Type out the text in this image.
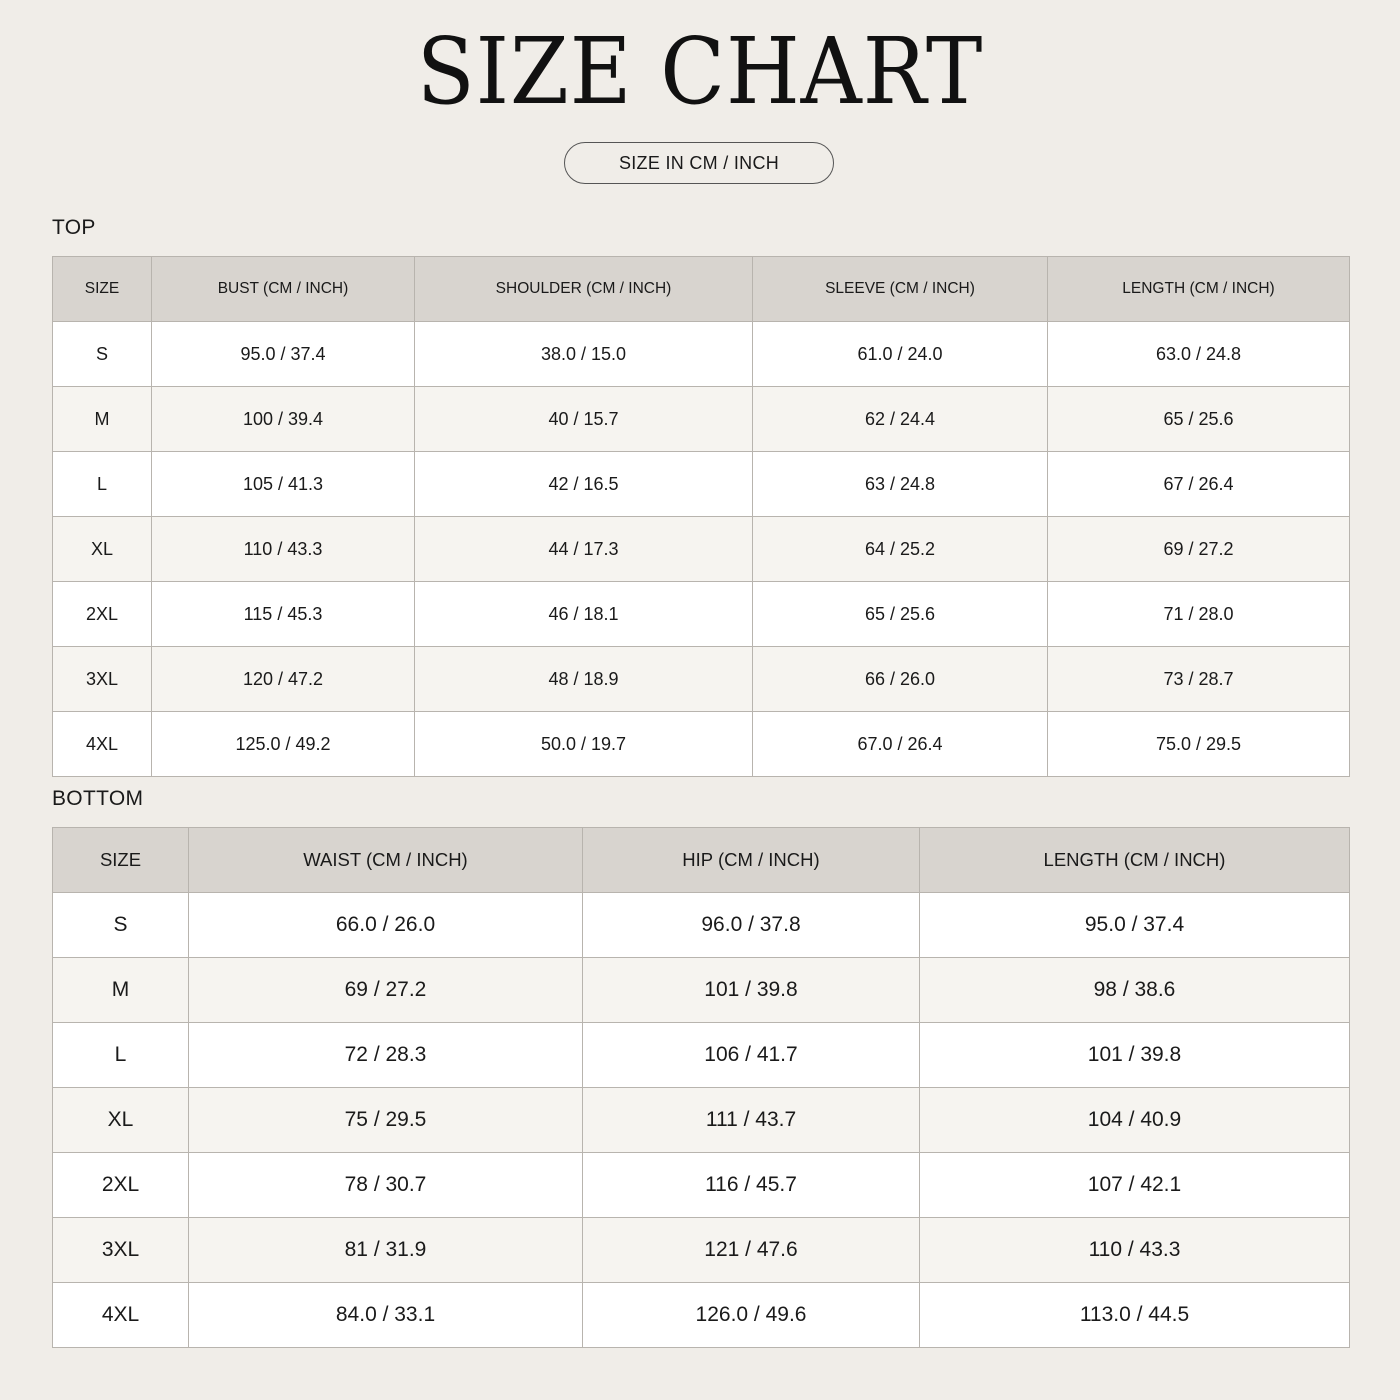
SIZE CHART
SIZE IN CM / INCH
TOP
SIZE	BUST (CM / INCH)	SHOULDER (CM / INCH)	SLEEVE (CM / INCH)	LENGTH (CM / INCH)
S	95.0 / 37.4	38.0 / 15.0	61.0 / 24.0	63.0 / 24.8
M	100 / 39.4	40 / 15.7	62 / 24.4	65 / 25.6
L	105 / 41.3	42 / 16.5	63 / 24.8	67 / 26.4
XL	110 / 43.3	44 / 17.3	64 / 25.2	69 / 27.2
2XL	115 / 45.3	46 / 18.1	65 / 25.6	71 / 28.0
3XL	120 / 47.2	48 / 18.9	66 / 26.0	73 / 28.7
4XL	125.0 / 49.2	50.0 / 19.7	67.0 / 26.4	75.0 / 29.5
BOTTOM
SIZE	WAIST (CM / INCH)	HIP (CM / INCH)	LENGTH (CM / INCH)
S	66.0 / 26.0	96.0 / 37.8	95.0 / 37.4
M	69 / 27.2	101 / 39.8	98 / 38.6
L	72 / 28.3	106 / 41.7	101 / 39.8
XL	75 / 29.5	111 / 43.7	104 / 40.9
2XL	78 / 30.7	116 / 45.7	107 / 42.1
3XL	81 / 31.9	121 / 47.6	110 / 43.3
4XL	84.0 / 33.1	126.0 / 49.6	113.0 / 44.5
